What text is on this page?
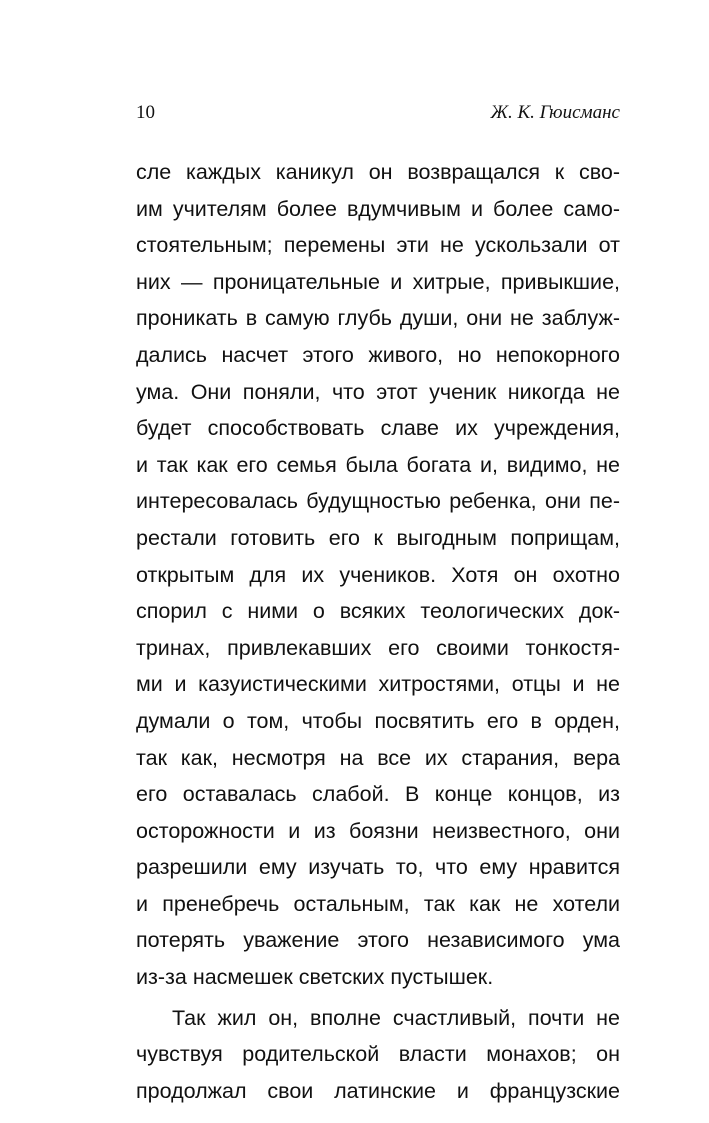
10	Ж. К. Гюисманс
сле каждых каникул он возвращался к сво-
им учителям более вдумчивым и более само-
стоятельным; перемены эти не ускользали от
них — проницательные и хитрые, привыкшие,
проникать в самую глубь души, они не заблуж-
дались насчет этого живого, но непокорного
ума. Они поняли, что этот ученик никогда не
будет способствовать славе их учреждения,
и так как его семья была богата и, видимо, не
интересовалась будущностью ребенка, они пе-
рестали готовить его к выгодным поприщам,
открытым для их учеников. Хотя он охотно
спорил с ними о всяких теологических док-
тринах, привлекавших его своими тонкостя-
ми и казуистическими хитростями, отцы и не
думали о том, чтобы посвятить его в орден,
так как, несмотря на все их старания, вера
его оставалась слабой. В конце концов, из
осторожности и из боязни неизвестного, они
разрешили ему изучать то, что ему нравится
и пренебречь остальным, так как не хотели
потерять уважение этого независимого ума
из-за насмешек светских пустышек.
Так жил он, вполне счастливый, почти не
чувствуя родительской власти монахов; он
продолжал свои латинские и французские
